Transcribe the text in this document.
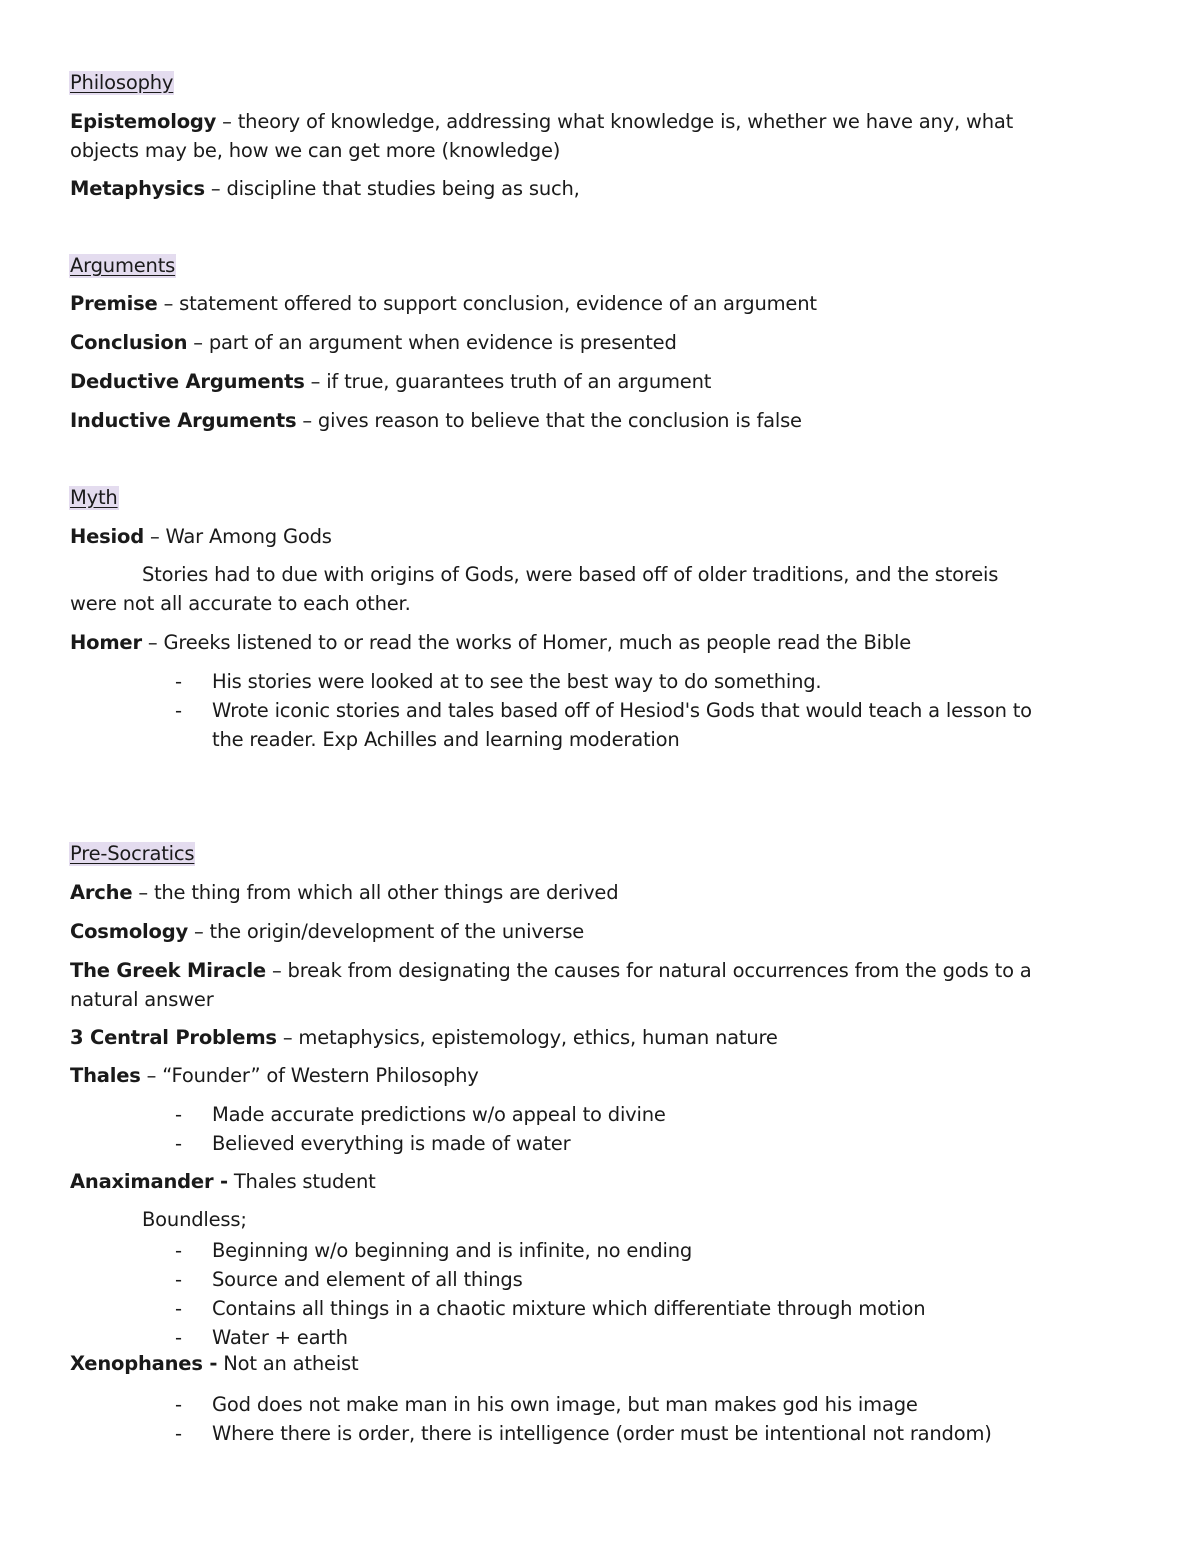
Philosophy
Epistemology – theory of knowledge, addressing what knowledge is, whether we have any, what objects may be, how we can get more (knowledge)
Metaphysics – discipline that studies being as such,
Arguments
Premise – statement offered to support conclusion, evidence of an argument
Conclusion – part of an argument when evidence is presented
Deductive Arguments – if true, guarantees truth of an argument
Inductive Arguments – gives reason to believe that the conclusion is false
Myth
Hesiod – War Among Gods
Stories had to due with origins of Gods, were based off of older traditions, and the storeis were not all accurate to each other.
Homer – Greeks listened to or read the works of Homer, much as people read the Bible
- His stories were looked at to see the best way to do something.
- Wrote iconic stories and tales based off of Hesiod's Gods that would teach a lesson to the reader. Exp Achilles and learning moderation
Pre-Socratics
Arche – the thing from which all other things are derived
Cosmology – the origin/development of the universe
The Greek Miracle – break from designating the causes for natural occurrences from the gods to a natural answer
3 Central Problems – metaphysics, epistemology, ethics, human nature
Thales – “Founder” of Western Philosophy
- Made accurate predictions w/o appeal to divine
- Believed everything is made of water
Anaximander - Thales student
Boundless;
- Beginning w/o beginning and is infinite, no ending
- Source and element of all things
- Contains all things in a chaotic mixture which differentiate through motion
- Water + earth
Xenophanes - Not an atheist
- God does not make man in his own image, but man makes god his image
- Where there is order, there is intelligence (order must be intentional not random)
